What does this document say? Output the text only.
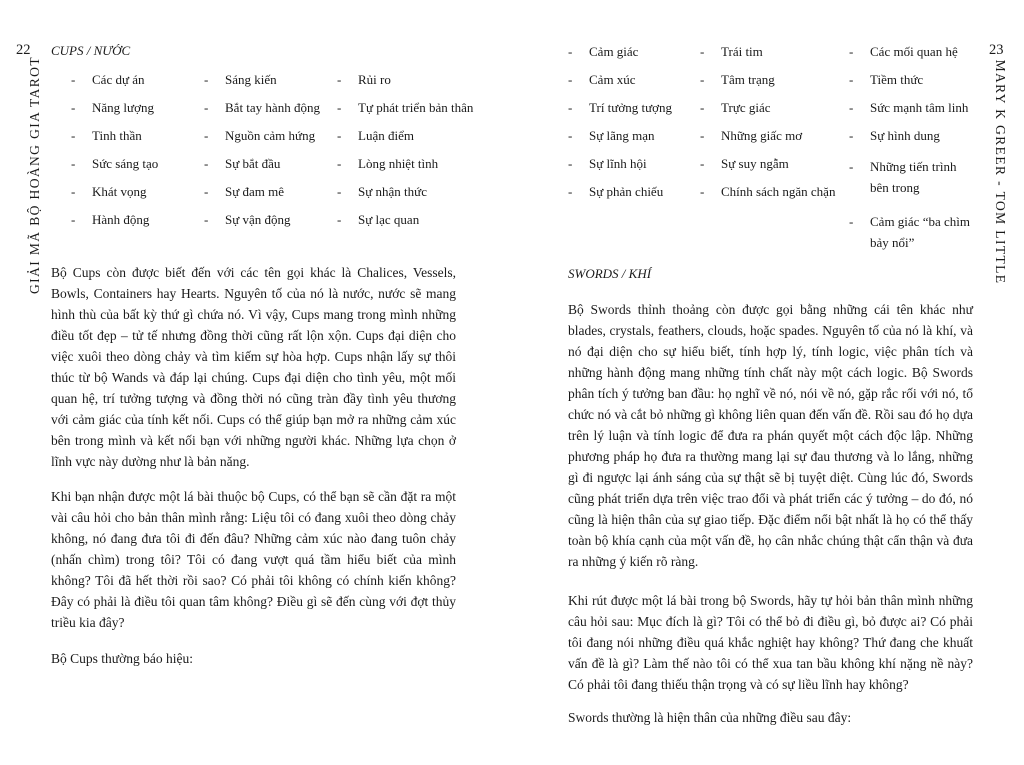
22
GIẢI MÃ BỘ HOÀNG GIA TAROT
CUPS / NƯỚC
- Các dự án
- Năng lượng
- Tinh thần
- Sức sáng tạo
- Khát vọng
- Hành động
- Sáng kiến
- Bắt tay hành động
- Nguồn cảm hứng
- Sự bắt đầu
- Sự đam mê
- Sự vận động
- Rủi ro
- Tự phát triển bản thân
- Luận điểm
- Lòng nhiệt tình
- Sự nhận thức
- Sự lạc quan

Bộ Cups còn được biết đến với các tên gọi khác là Chalices, Vessels, Bowls, Containers hay Hearts. Nguyên tố của nó là nước, nước sẽ mang hình thù của bất kỳ thứ gì chứa nó. Vì vậy, Cups mang trong mình những điều tốt đẹp – tử tế nhưng đồng thời cũng rất lộn xộn. Cups đại diện cho việc xuôi theo dòng chảy và tìm kiếm sự hòa hợp. Cups nhận lấy sự thôi thúc từ bộ Wands và đáp lại chúng. Cups đại diện cho tình yêu, một mối quan hệ, trí tưởng tượng và đồng thời nó cũng tràn đầy tình yêu thương với cảm giác của tính kết nối. Cups có thể giúp bạn mở ra những cảm xúc bên trong mình và kết nối bạn với những người khác. Những lựa chọn ở lĩnh vực này dường như là bản năng.

Khi bạn nhận được một lá bài thuộc bộ Cups, có thể bạn sẽ cần đặt ra một vài câu hỏi cho bản thân mình rằng: Liệu tôi có đang xuôi theo dòng chảy không, nó đang đưa tôi đi đến đâu? Những cảm xúc nào đang tuôn chảy (nhấn chìm) trong tôi? Tôi có đang vượt quá tầm hiểu biết của mình không? Tôi đã hết thời rồi sao? Có phải tôi không có chính kiến không? Đây có phải là điều tôi quan tâm không? Điều gì sẽ đến cùng với đợt thủy triều kia đây?

Bộ Cups thường báo hiệu:

23
MARY K GREER - TOM LITTLE
- Cảm giác
- Cảm xúc
- Trí tưởng tượng
- Sự lãng mạn
- Sự lĩnh hội
- Sự phản chiếu
- Trái tim
- Tâm trạng
- Trực giác
- Những giấc mơ
- Sự suy ngẫm
- Chính sách ngăn chặn
- Các mối quan hệ
- Tiềm thức
- Sức mạnh tâm linh
- Sự hình dung
- Những tiến trình bên trong
- Cảm giác “ba chìm bảy nổi”
SWORDS / KHÍ

Bộ Swords thỉnh thoảng còn được gọi bằng những cái tên khác như blades, crystals, feathers, clouds, hoặc spades. Nguyên tố của nó là khí, và nó đại diện cho sự hiểu biết, tính hợp lý, tính logic, việc phân tích và những hành động mang những tính chất này một cách logic. Bộ Swords phân tích ý tưởng ban đầu: họ nghĩ về nó, nói về nó, gặp rắc rối với nó, tổ chức nó và cắt bỏ những gì không liên quan đến vấn đề. Rồi sau đó họ dựa trên lý luận và tính logic để đưa ra phán quyết một cách độc lập. Những phương pháp họ đưa ra thường mang lại sự đau thương và lo lắng, những gì đi ngược lại ánh sáng của sự thật sẽ bị tuyệt diệt. Cùng lúc đó, Swords cũng phát triển dựa trên việc trao đổi và phát triển các ý tưởng – do đó, nó cũng là hiện thân của sự giao tiếp. Đặc điểm nổi bật nhất là họ có thể thấy toàn bộ khía cạnh của một vấn đề, họ cân nhắc chúng thật cẩn thận và đưa ra những ý kiến rõ ràng.

Khi rút được một lá bài trong bộ Swords, hãy tự hỏi bản thân mình những câu hỏi sau: Mục đích là gì? Tôi có thể bỏ đi điều gì, bỏ được ai? Có phải tôi đang nói những điều quá khắc nghiệt hay không? Thứ đang che khuất vấn đề là gì? Làm thế nào tôi có thể xua tan bầu không khí nặng nề này? Có phải tôi đang thiếu thận trọng và có sự liều lĩnh hay không?

Swords thường là hiện thân của những điều sau đây:
